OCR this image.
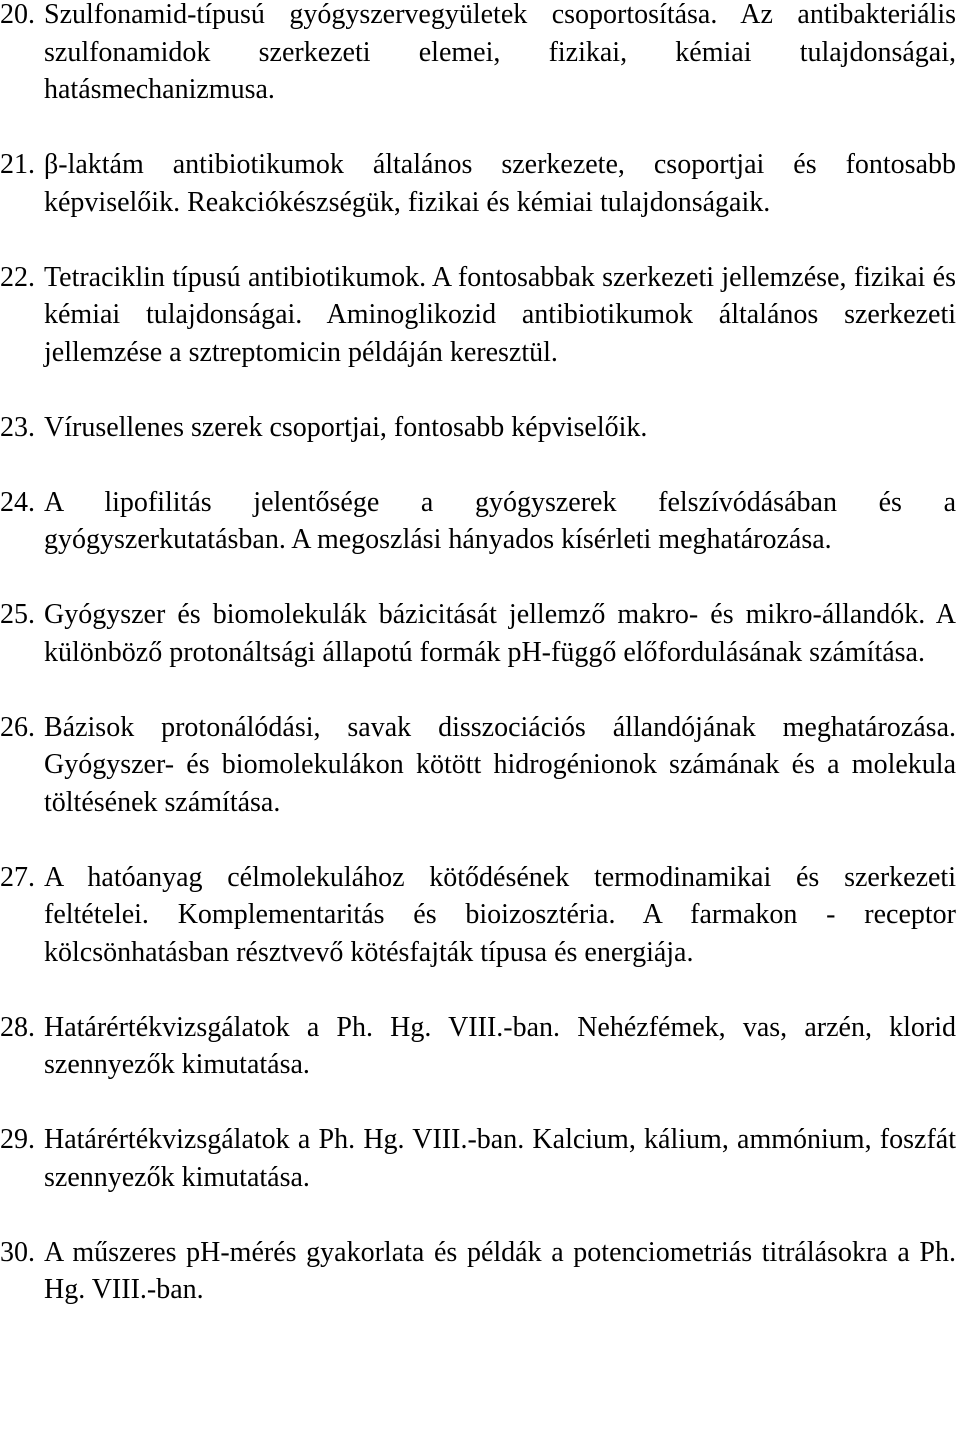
20. Szulfonamid-típusú gyógyszervegyületek csoportosítása. Az antibakteriális szulfonamidok szerkezeti elemei, fizikai, kémiai tulajdonságai, hatásmechanizmusa.

21. β-laktám antibiotikumok általános szerkezete, csoportjai és fontosabb képviselőik. Reakciókészségük, fizikai és kémiai tulajdonságaik.

22. Tetraciklin típusú antibiotikumok. A fontosabbak szerkezeti jellemzése, fizikai és kémiai tulajdonságai. Aminoglikozid antibiotikumok általános szerkezeti jellemzése a sztreptomicin példáján keresztül.

23. Vírusellenes szerek csoportjai, fontosabb képviselőik.

24. A lipofilitás jelentősége a gyógyszerek felszívódásában és a gyógyszerkutatásban. A megoszlási hányados kísérleti meghatározása.

25. Gyógyszer és biomolekulák bázicitását jellemző makro- és mikro-állandók. A különböző protonáltsági állapotú formák pH-függő előfordulásának számítása.

26. Bázisok protonálódási, savak disszociációs állandójának meghatározása. Gyógyszer- és biomolekulákon kötött hidrogénionok számának és a molekula töltésének számítása.

27. A hatóanyag célmolekulához kötődésének termodinamikai és szerkezeti feltételei. Komplementaritás és bioizosztéria. A farmakon - receptor kölcsönhatásban résztvevő kötésfajták típusa és energiája.

28. Határértékvizsgálatok a Ph. Hg. VIII.-ban. Nehézfémek, vas, arzén, klorid szennyezők kimutatása.

29. Határértékvizsgálatok a Ph. Hg. VIII.-ban. Kalcium, kálium, ammónium, foszfát szennyezők kimutatása.

30. A műszeres pH-mérés gyakorlata és példák a potenciometriás titrálásokra a Ph. Hg. VIII.-ban.
